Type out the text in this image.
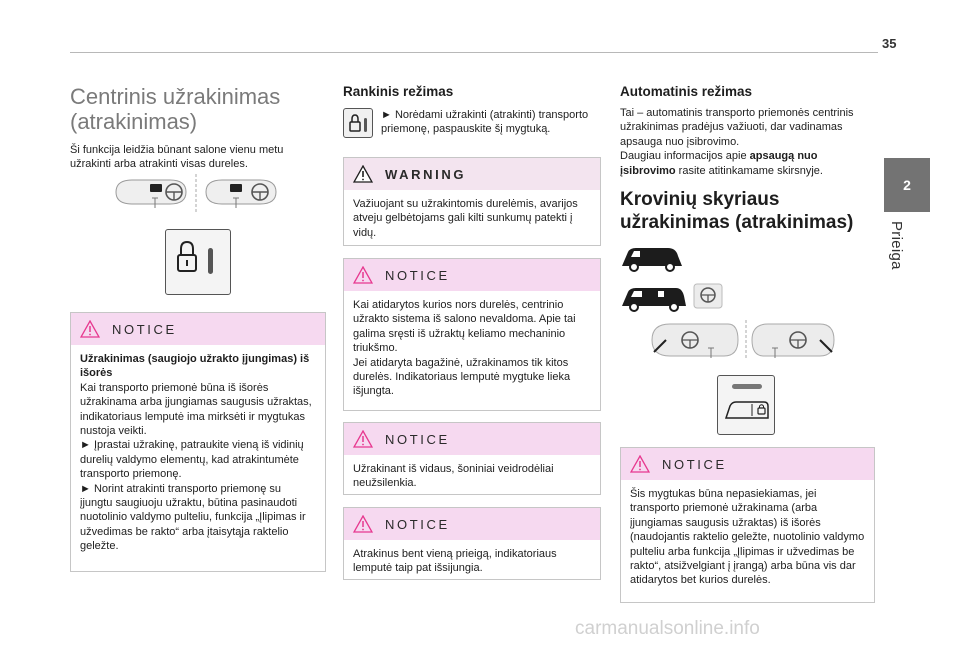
35
2
Prieiga
Centrinis užrakinimas (atrakinimas)

Ši funkcija leidžia būnant salone vienu metu užrakinti arba atrakinti visas dureles.

NOTICE
Užrakinimas (saugiojo užrakto įjungimas) iš išorės
Kai transporto priemonė būna iš išorės užrakinama arba įjungiamas saugusis užraktas, indikatoriaus lemputė ima mirksėti ir mygtukas nustoja veikti.
► Įprastai užrakinę, patraukite vieną iš vidinių durelių valdymo elementų, kad atrakintumėte transporto priemonę.
► Norint atrakinti transporto priemonę su įjungtu saugiuoju užraktu, būtina pasinaudoti nuotolinio valdymo pulteliu, funkcija „Įlipimas ir užvedimas be rakto“ arba įtaisytąja raktelio geležte.
Rankinis režimas

► Norėdami užrakinti (atrakinti) transporto priemonę, paspauskite šį mygtuką.

WARNING
Važiuojant su užrakintomis durelėmis, avarijos atveju gelbėtojams gali kilti sunkumų patekti į vidų.
NOTICE
Kai atidarytos kurios nors durelės, centrinio užrakto sistema iš salono nevaldoma. Apie tai galima sręsti iš užraktų keliamo mechaninio triukšmo.
Jei atidaryta bagažinė, užrakinamos tik kitos durelės. Indikatoriaus lemputė mygtuke lieka išjungta.
NOTICE
Užrakinant iš vidaus, šoniniai veidrodėliai neužsilenkia.
NOTICE
Atrakinus bent vieną prieigą, indikatoriaus lemputė taip pat išsijungia.
Automatinis režimas

Tai – automatinis transporto priemonės centrinis užrakinimas pradėjus važiuoti, dar vadinamas apsauga nuo įsibrovimo.

Daugiau informacijos apie apsaugą nuo įsibrovimo rasite atitinkamame skirsnyje.

Krovinių skyriaus užrakinimas (atrakinimas)
NOTICE
Šis mygtukas būna nepasiekiamas, jei transporto priemonė užrakinama (arba įjungiamas saugusis užraktas) iš išorės (naudojantis raktelio geležte, nuotolinio valdymo pulteliu arba funkcija „Įlipimas ir užvedimas be rakto“, atsižvelgiant į įrangą) arba būna vis dar atidarytos bet kurios durelės.
carmanualsonline.info
